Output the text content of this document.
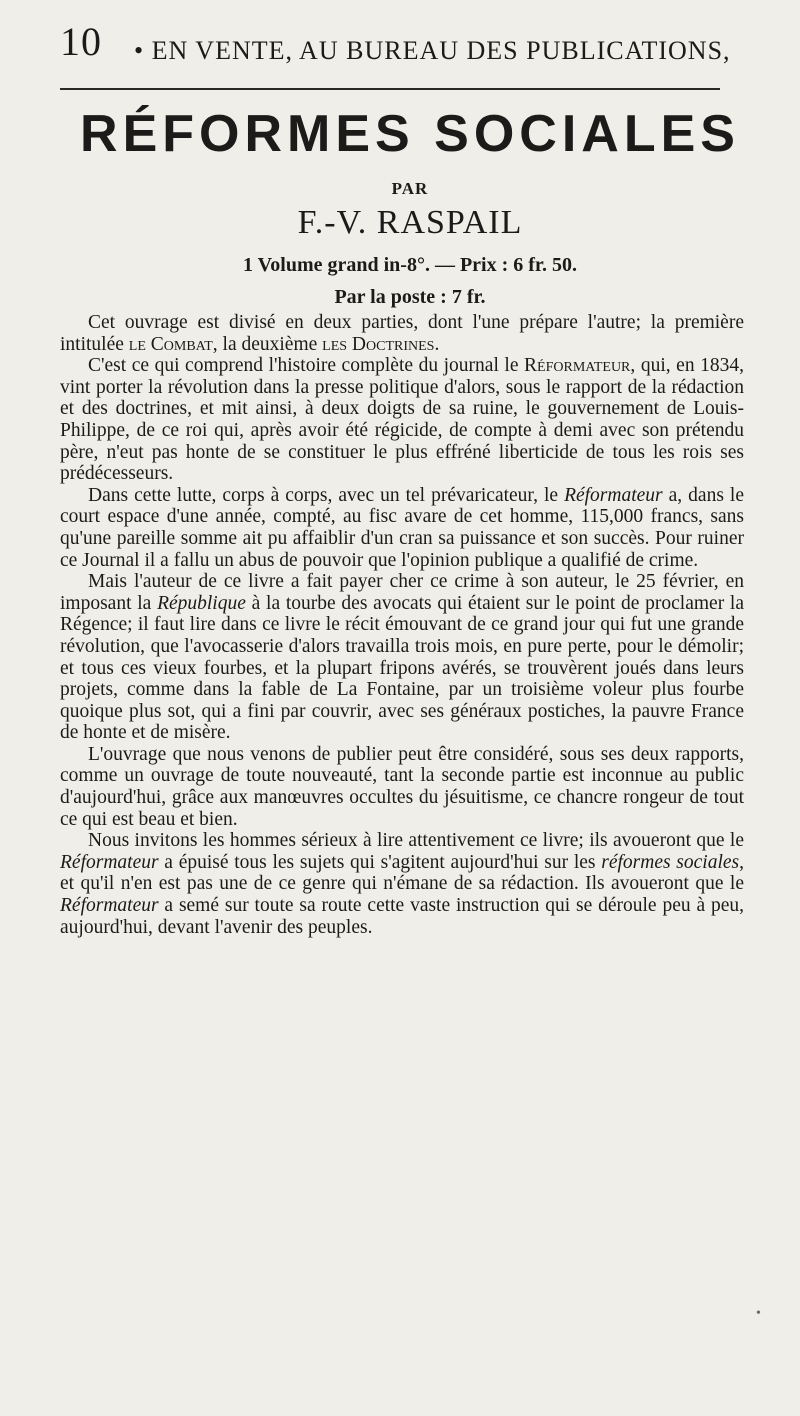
10 • EN VENTE, AU BUREAU DES PUBLICATIONS,
RÉFORMES SOCIALES
PAR
F.-V. RASPAIL
1 Volume grand in-8°. — Prix : 6 fr. 50.
Par la poste : 7 fr.

Cet ouvrage est divisé en deux parties, dont l'une prépare l'autre; la première intitulée le Combat, la deuxième les Doctrines.

C'est ce qui comprend l'histoire complète du journal le Réformateur, qui, en 1834, vint porter la révolution dans la presse politique d'alors, sous le rapport de la rédaction et des doctrines, et mit ainsi, à deux doigts de sa ruine, le gouvernement de Louis-Philippe, de ce roi qui, après avoir été régicide, de compte à demi avec son prétendu père, n'eut pas honte de se constituer le plus effréné liberticide de tous les rois ses prédécesseurs.

Dans cette lutte, corps à corps, avec un tel prévaricateur, le Réformateur a, dans le court espace d'une année, compté, au fisc avare de cet homme, 115,000 francs, sans qu'une pareille somme ait pu affaiblir d'un cran sa puissance et son succès. Pour ruiner ce Journal il a fallu un abus de pouvoir que l'opinion publique a qualifié de crime.

Mais l'auteur de ce livre a fait payer cher ce crime à son auteur, le 25 février, en imposant la République à la tourbe des avocats qui étaient sur le point de proclamer la Régence; il faut lire dans ce livre le récit émouvant de ce grand jour qui fut une grande révolution, que l'avocasserie d'alors travailla trois mois, en pure perte, pour le démolir; et tous ces vieux fourbes, et la plupart fripons avérés, se trouvèrent joués dans leurs projets, comme dans la fable de La Fontaine, par un troisième voleur plus fourbe quoique plus sot, qui a fini par couvrir, avec ses généraux postiches, la pauvre France de honte et de misère.

L'ouvrage que nous venons de publier peut être considéré, sous ses deux rapports, comme un ouvrage de toute nouveauté, tant la seconde partie est inconnue au public d'aujourd'hui, grâce aux manœuvres occultes du jésuitisme, ce chancre rongeur de tout ce qui est beau et bien.

Nous invitons les hommes sérieux à lire attentivement ce livre; ils avoueront que le Réformateur a épuisé tous les sujets qui s'agitent aujourd'hui sur les réformes sociales, et qu'il n'en est pas une de ce genre qui n'émane de sa rédaction. Ils avoueront que le Réformateur a semé sur toute sa route cette vaste instruction qui se déroule peu à peu, aujourd'hui, devant l'avenir des peuples.

•
